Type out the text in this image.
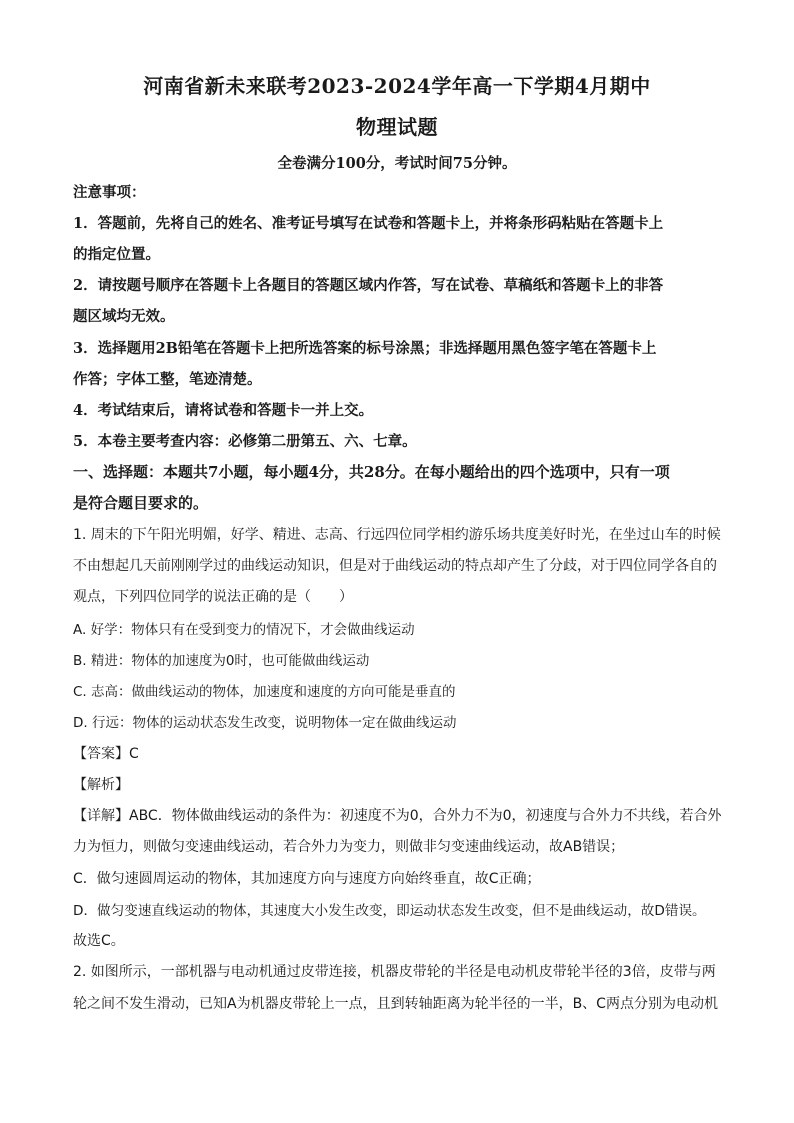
河南省新未来联考2023-2024学年高一下学期4月期中
物理试题
全卷满分100分，考试时间75分钟。
注意事项：
1．答题前，先将自己的姓名、准考证号填写在试卷和答题卡上，并将条形码粘贴在答题卡上
的指定位置。
2．请按题号顺序在答题卡上各题目的答题区域内作答，写在试卷、草稿纸和答题卡上的非答
题区域均无效。
3．选择题用2B铅笔在答题卡上把所选答案的标号涂黑；非选择题用黑色签字笔在答题卡上
作答；字体工整，笔迹清楚。
4．考试结束后，请将试卷和答题卡一并上交。
5．本卷主要考查内容：必修第二册第五、六、七章。
一、选择题：本题共7小题，每小题4分，共28分。在每小题给出的四个选项中，只有一项
是符合题目要求的。
1. 周末的下午阳光明媚，好学、精进、志高、行远四位同学相约游乐场共度美好时光，在坐过山车的时候
不由想起几天前刚刚学过的曲线运动知识，但是对于曲线运动的特点却产生了分歧，对于四位同学各自的
观点，下列四位同学的说法正确的是（　　）
A. 好学：物体只有在受到变力的情况下，才会做曲线运动
B. 精进：物体的加速度为0时，也可能做曲线运动
C. 志高：做曲线运动的物体，加速度和速度的方向可能是垂直的
D. 行远：物体的运动状态发生改变，说明物体一定在做曲线运动
【答案】C
【解析】
【详解】ABC．物体做曲线运动的条件为：初速度不为0，合外力不为0，初速度与合外力不共线，若合外
力为恒力，则做匀变速曲线运动，若合外力为变力，则做非匀变速曲线运动，故AB错误；
C．做匀速圆周运动的物体，其加速度方向与速度方向始终垂直，故C正确；
D．做匀变速直线运动的物体，其速度大小发生改变，即运动状态发生改变，但不是曲线运动，故D错误。
故选C。
2. 如图所示，一部机器与电动机通过皮带连接，机器皮带轮的半径是电动机皮带轮半径的3倍，皮带与两
轮之间不发生滑动，已知A为机器皮带轮上一点，且到转轴距离为轮半径的一半，B、C两点分别为电动机
